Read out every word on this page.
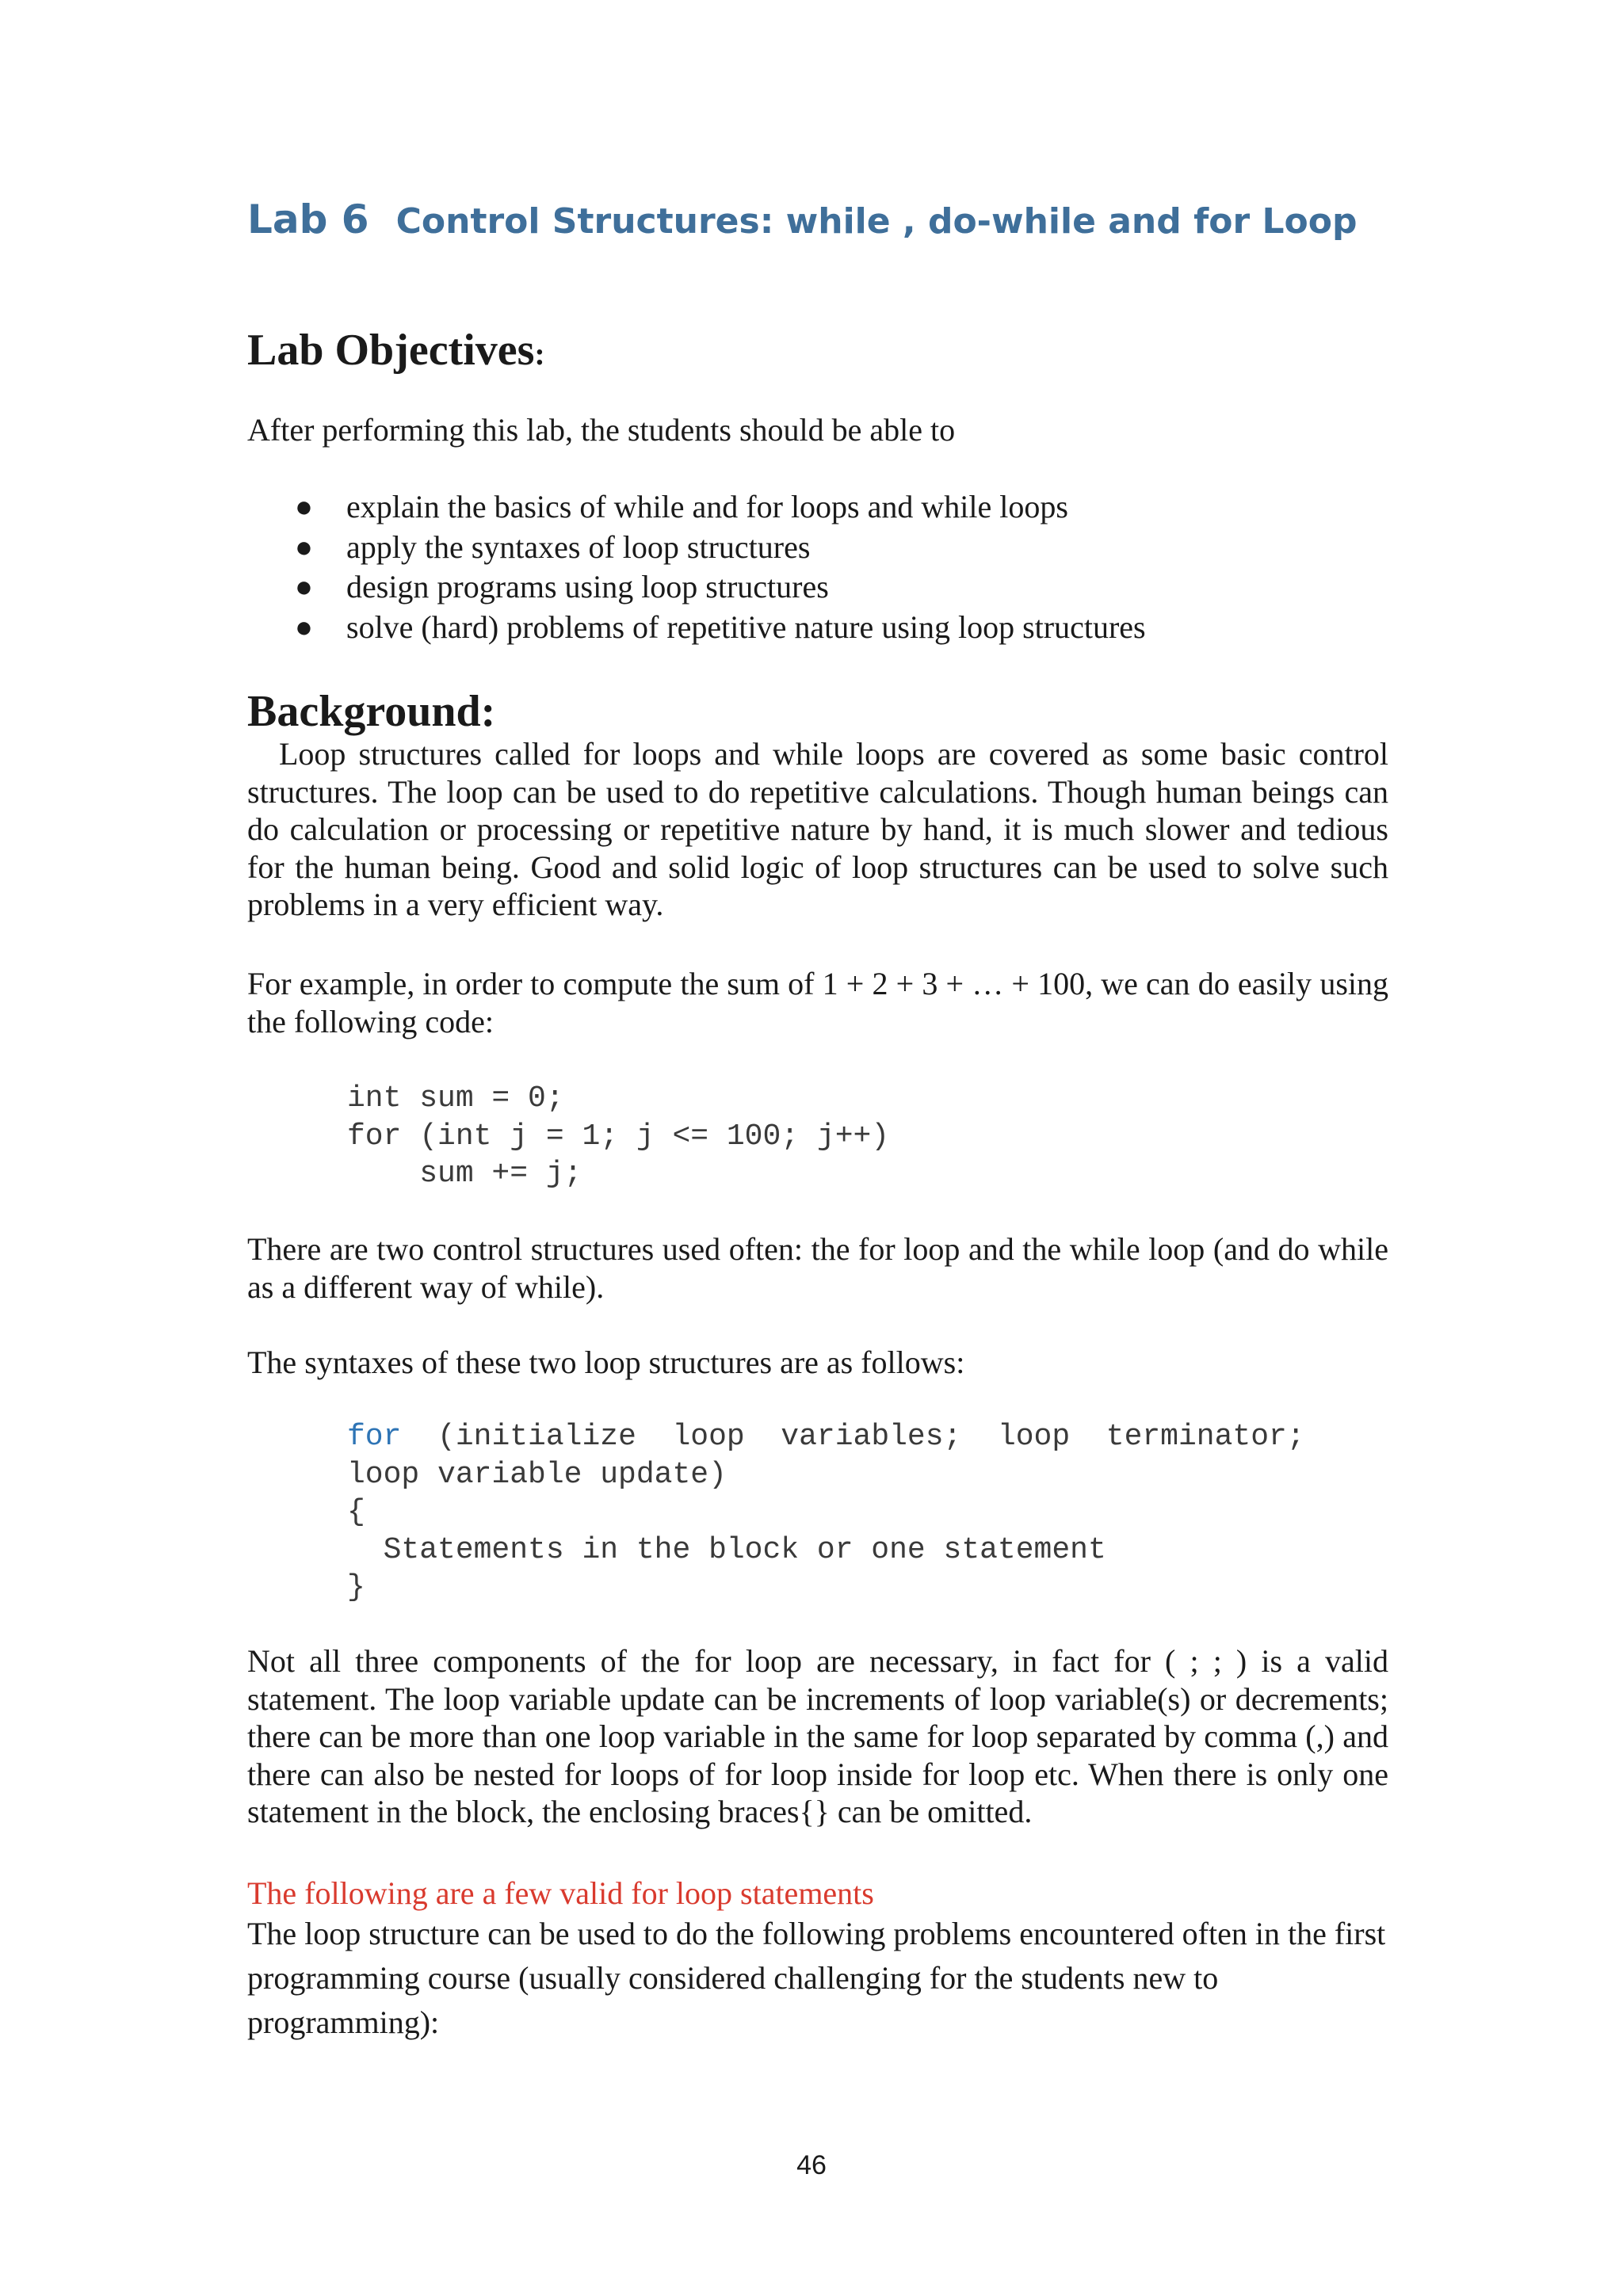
Lab 6 Control Structures: while , do-while and for Loop
Lab Objectives:

After performing this lab, the students should be able to

● explain the basics of while and for loops and while loops
● apply the syntaxes of loop structures
● design programs using loop structures
● solve (hard) problems of repetitive nature using loop structures
Background:

Loop structures called for loops and while loops are covered as some basic control structures. The loop can be used to do repetitive calculations. Though human beings can do calculation or processing or repetitive nature by hand, it is much slower and tedious for the human being. Good and solid logic of loop structures can be used to solve such problems in a very efficient way.

For example, in order to compute the sum of 1 + 2 + 3 + … + 100, we can do easily using the following code:

int sum = 0;
for (int j = 1; j <= 100; j++)
sum += j;

There are two control structures used often: the for loop and the while loop (and do while as a different way of while).

The syntaxes of these two loop structures are as follows:

for  (initialize  loop  variables;  loop  terminator;
loop variable update)
{
Statements in the block or one statement
}

Not all three components of the for loop are necessary, in fact for ( ; ; ) is a valid statement. The loop variable update can be increments of loop variable(s) or decrements; there can be more than one loop variable in the same for loop separated by comma (,) and there can also be nested for loops of for loop inside for loop etc. When there is only one statement in the block, the enclosing braces{} can be omitted.

The following are a few valid for loop statements

The loop structure can be used to do the following problems encountered often in the first programming course (usually considered challenging for the students new to programming):

46
